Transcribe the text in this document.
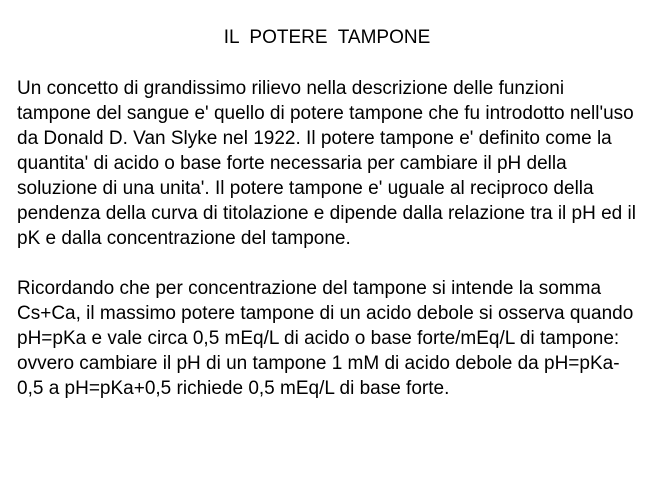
IL  POTERE  TAMPONE

Un concetto di grandissimo rilievo nella descrizione delle funzioni tampone del sangue e' quello di potere tampone che fu introdotto nell'uso da Donald D. Van Slyke nel 1922. Il potere tampone e' definito come la quantita' di acido o base forte necessaria per cambiare il pH della soluzione di una unita'. Il potere tampone e' uguale al reciproco della pendenza della curva di titolazione e dipende dalla relazione tra il pH ed il pK e dalla concentrazione del tampone.

Ricordando che per concentrazione del tampone si intende la somma Cs+Ca, il massimo potere tampone di un acido debole si osserva quando pH=pKa e vale circa 0,5 mEq/L di acido o base forte/mEq/L di tampone: ovvero cambiare il pH di un tampone 1 mM di acido debole da pH=pKa-0,5 a pH=pKa+0,5 richiede 0,5 mEq/L di base forte.
